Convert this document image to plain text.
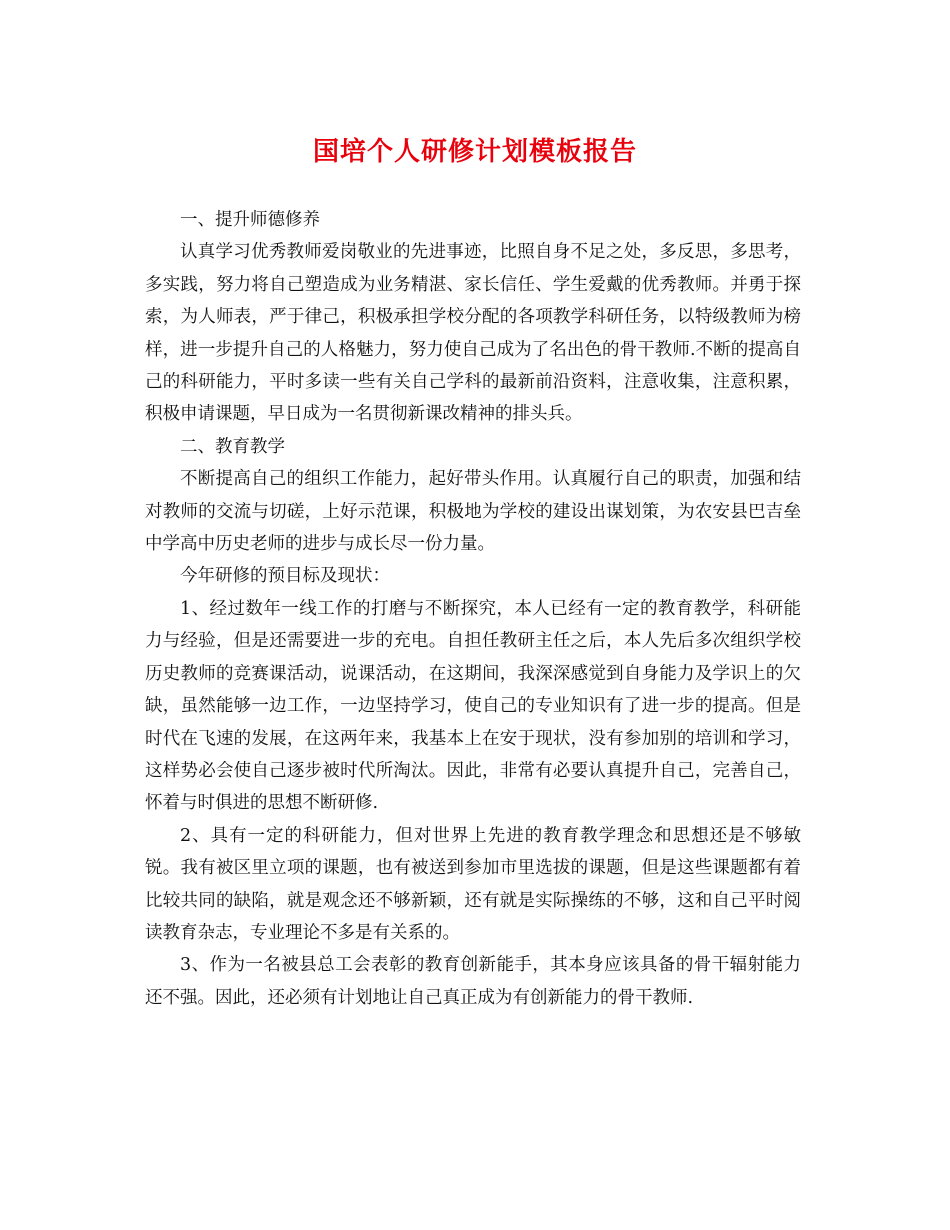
国培个人研修计划模板报告

一、提升师德修养

认真学习优秀教师爱岗敬业的先进事迹，比照自身不足之处，多反思，多思考，多实践，努力将自己塑造成为业务精湛、家长信任、学生爱戴的优秀教师。并勇于探索，为人师表，严于律己，积极承担学校分配的各项教学科研任务，以特级教师为榜样，进一步提升自己的人格魅力，努力使自己成为了名出色的骨干教师.不断的提高自己的科研能力，平时多读一些有关自己学科的最新前沿资料，注意收集，注意积累，积极申请课题，早日成为一名贯彻新课改精神的排头兵。

二、教育教学

不断提高自己的组织工作能力，起好带头作用。认真履行自己的职责，加强和结对教师的交流与切磋，上好示范课，积极地为学校的建设出谋划策，为农安县巴吉垒中学高中历史老师的进步与成长尽一份力量。

今年研修的预目标及现状：

1、经过数年一线工作的打磨与不断探究，本人已经有一定的教育教学，科研能力与经验，但是还需要进一步的充电。自担任教研主任之后，本人先后多次组织学校历史教师的竞赛课活动，说课活动，在这期间，我深深感觉到自身能力及学识上的欠缺，虽然能够一边工作，一边坚持学习，使自己的专业知识有了进一步的提高。但是时代在飞速的发展，在这两年来，我基本上在安于现状，没有参加别的培训和学习，这样势必会使自己逐步被时代所淘汰。因此，非常有必要认真提升自己，完善自己，怀着与时俱进的思想不断研修.

2、具有一定的科研能力，但对世界上先进的教育教学理念和思想还是不够敏锐。我有被区里立项的课题，也有被送到参加市里选拔的课题，但是这些课题都有着比较共同的缺陷，就是观念还不够新颖，还有就是实际操练的不够，这和自己平时阅读教育杂志，专业理论不多是有关系的。

3、作为一名被县总工会表彰的教育创新能手，其本身应该具备的骨干辐射能力还不强。因此，还必须有计划地让自己真正成为有创新能力的骨干教师.
